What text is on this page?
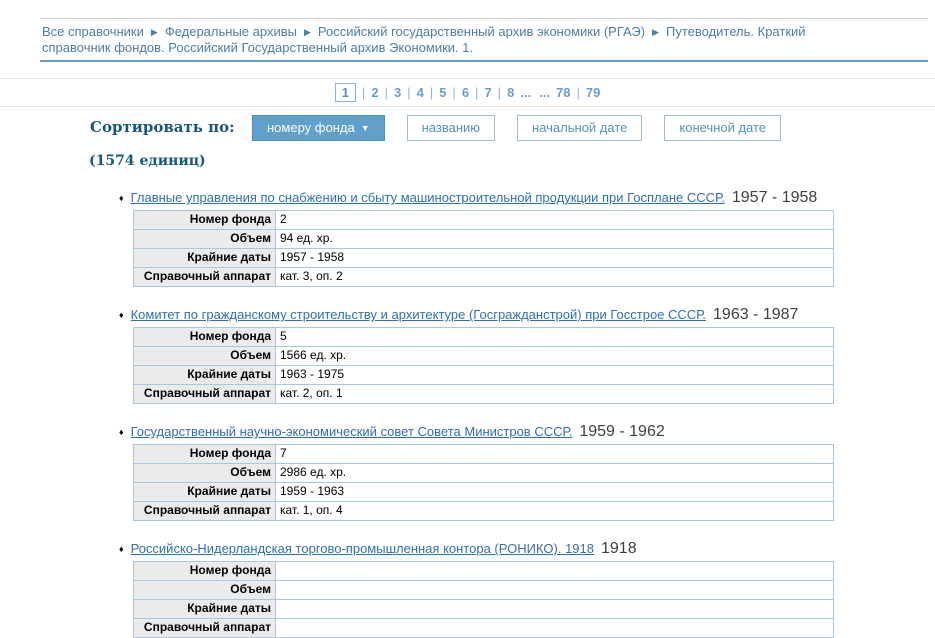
Все справочники ▶ Федеральные архивы ▶ Российский государственный архив экономики (РГАЭ) ▶ Путеводитель. Краткий справочник фондов. Российский Государственный архив Экономики. 1.
1 | 2 | 3 | 4 | 5 | 6 | 7 | 8 ... ... 78 | 79
Сортировать по:	номеру фонда ▼	названию	начальной дате	конечной дате
(1574 единиц)
♦ Главные управления по снабжению и сбыту машиностроительной продукции при Госплане СССР. 1957 - 1958
Номер фонда	2
Объем	94 ед. хр.
Крайние даты	1957 - 1958
Справочный аппарат	кат. 3, оп. 2
♦ Комитет по гражданскому строительству и архитектуре (Госгражданстрой) при Госстрое СССР. 1963 - 1987
Номер фонда	5
Объем	1566 ед. хр.
Крайние даты	1963 - 1975
Справочный аппарат	кат. 2, оп. 1
♦ Государственный научно-экономический совет Совета Министров СССР. 1959 - 1962
Номер фонда	7
Объем	2986 ед. хр.
Крайние даты	1959 - 1963
Справочный аппарат	кат. 1, оп. 4
♦ Российско-Нидерландская торгово-промышленная контора (РОНИКО). 1918 1918
Номер фонда	
Объем	
Крайние даты	
Справочный аппарат	
